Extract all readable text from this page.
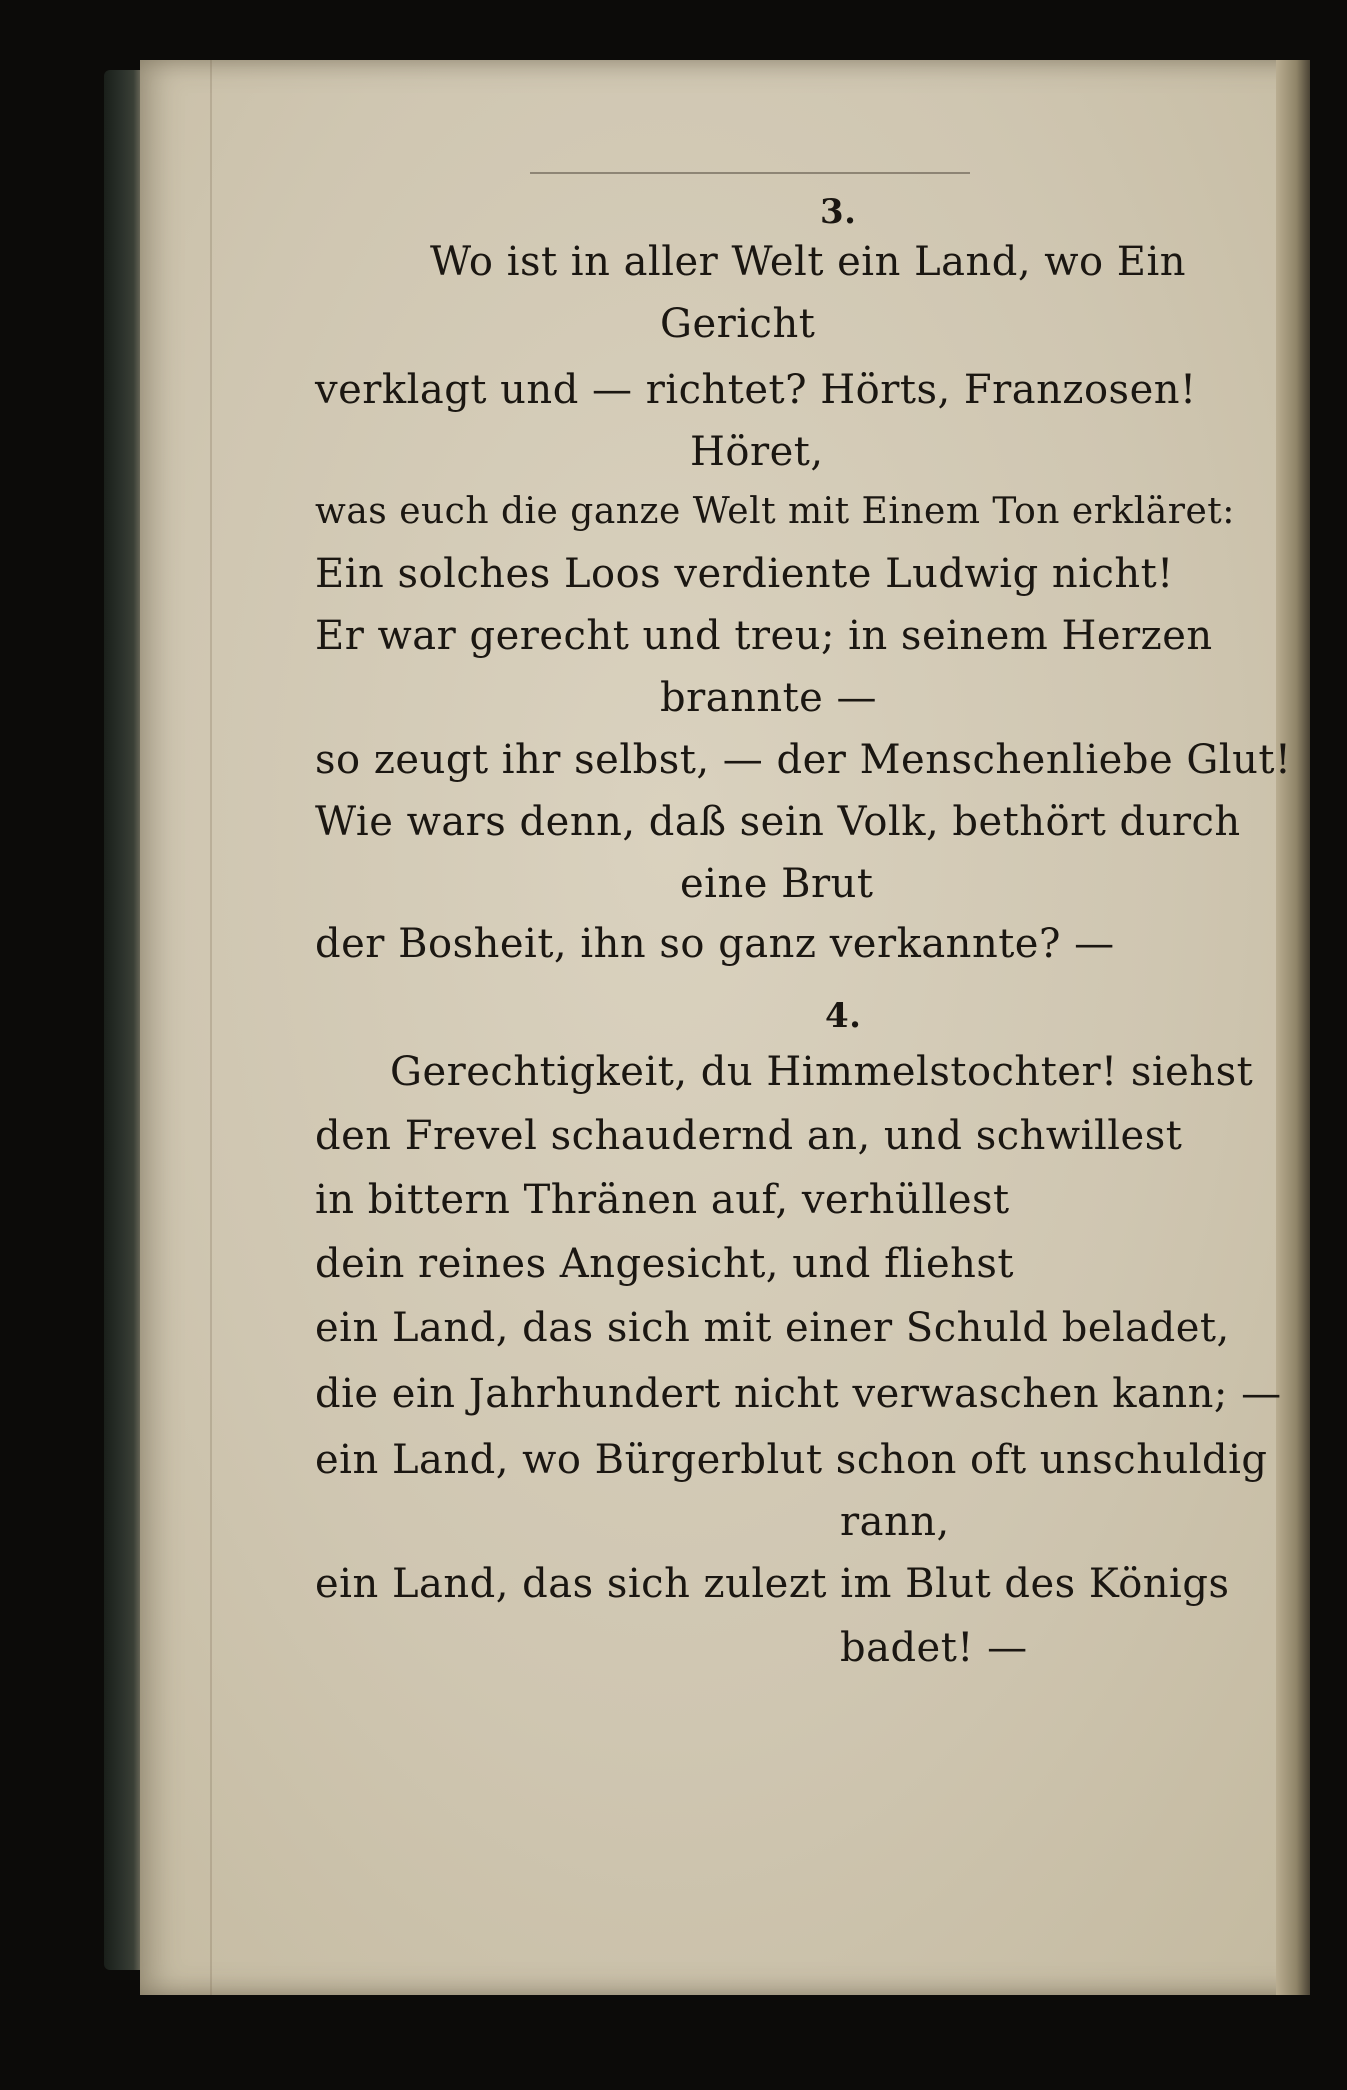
3.
Wo ist in aller Welt ein Land, wo Ein
Gericht
verklagt und — richtet? Hörts, Franzosen!
Höret,
was euch die ganze Welt mit Einem Ton erkläret:
Ein solches Loos verdiente Ludwig nicht!
Er war gerecht und treu; in seinem Herzen
brannte —
so zeugt ihr selbst, — der Menschenliebe Glut!
Wie wars denn, daß sein Volk, bethört durch
eine Brut
der Bosheit, ihn so ganz verkannte? —
4.
Gerechtigkeit, du Himmelstochter! siehst
den Frevel schaudernd an, und schwillest
in bittern Thränen auf, verhüllest
dein reines Angesicht, und fliehst
ein Land, das sich mit einer Schuld beladet,
die ein Jahrhundert nicht verwaschen kann; —
ein Land, wo Bürgerblut schon oft unschuldig
rann,
ein Land, das sich zulezt im Blut des Königs
badet! —
